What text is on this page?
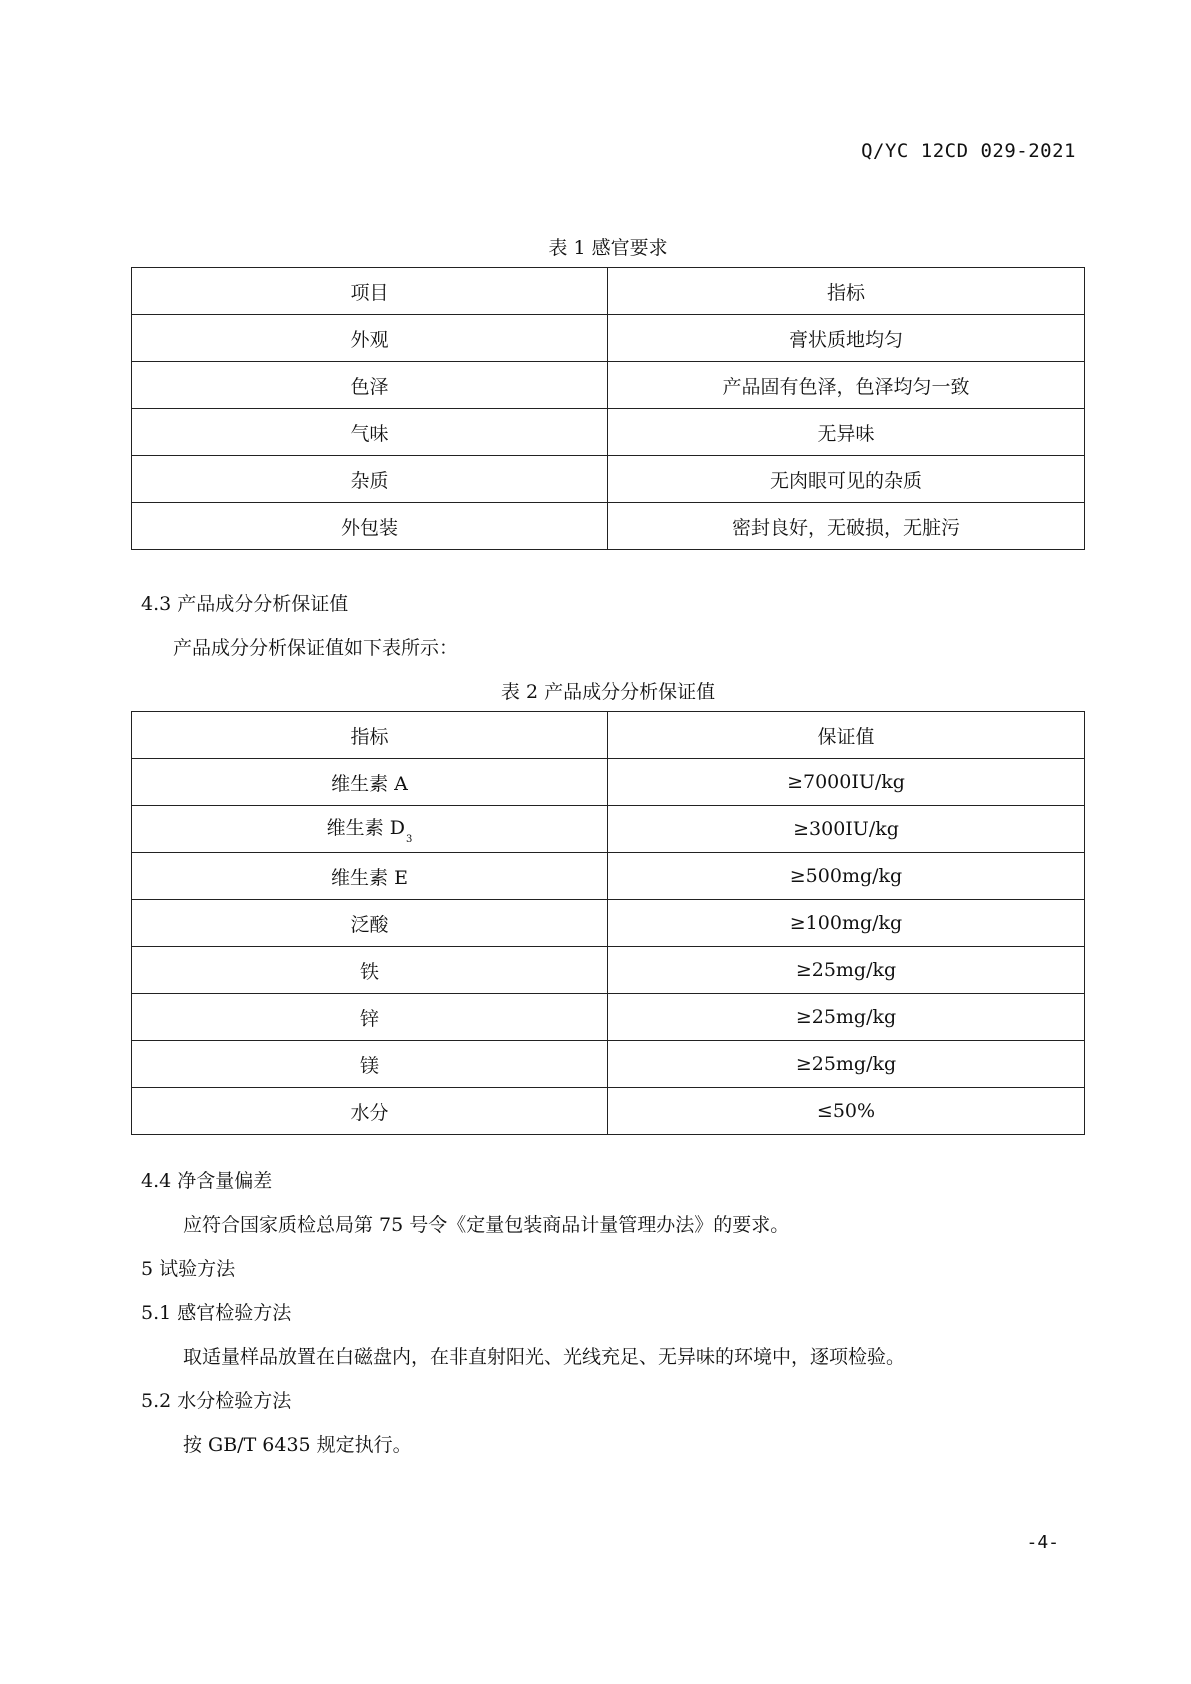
Q/YC 12CD 029-2021
表 1 感官要求
项目	指标
外观	膏状质地均匀
色泽	产品固有色泽，色泽均匀一致
气味	无异味
杂质	无肉眼可见的杂质
外包装	密封良好，无破损，无脏污
4.3 产品成分分析保证值
产品成分分析保证值如下表所示：
表 2 产品成分分析保证值
指标	保证值
维生素 A	≥7000IU/kg
维生素 $D_3$	≥300IU/kg
维生素 E	≥500mg/kg
泛酸	≥100mg/kg
铁	≥25mg/kg
锌	≥25mg/kg
镁	≥25mg/kg
水分	≤50%
4.4 净含量偏差
应符合国家质检总局第 75 号令《定量包装商品计量管理办法》的要求。
5 试验方法
5.1 感官检验方法
取适量样品放置在白磁盘内，在非直射阳光、光线充足、无异味的环境中，逐项检验。
5.2 水分检验方法
按 GB/T 6435 规定执行。
-4-
